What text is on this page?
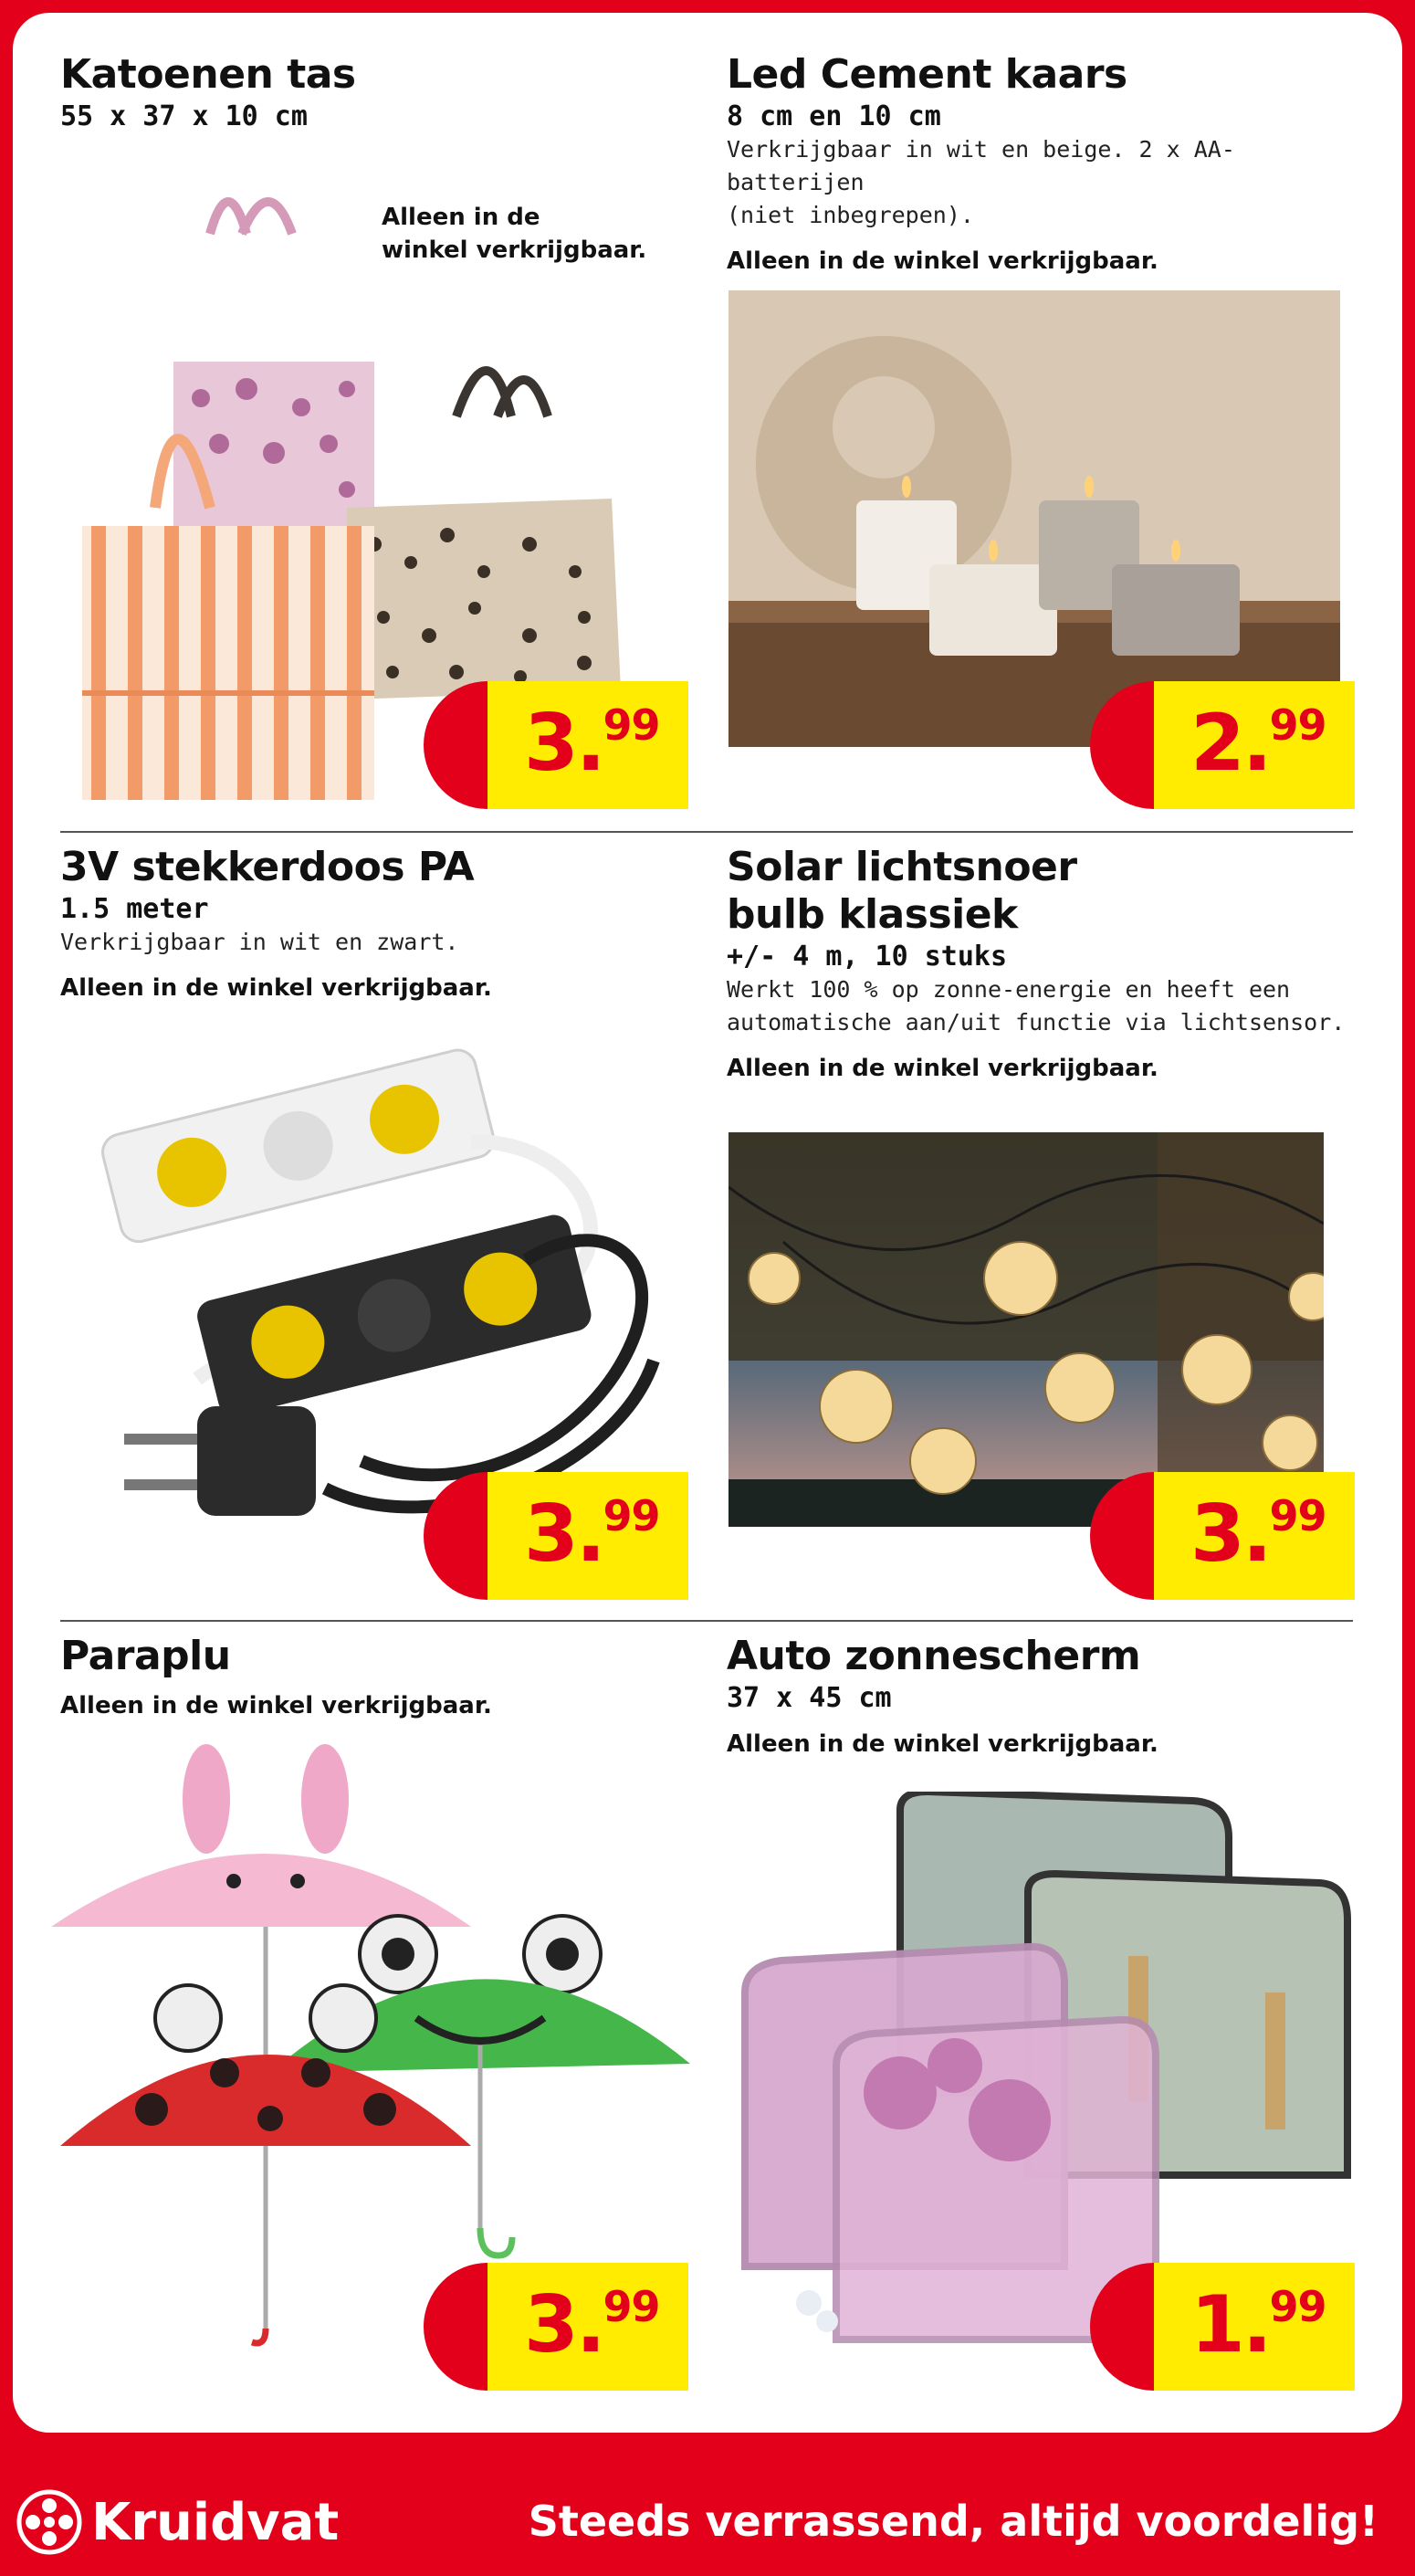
Katoenen tas
55 x 37 x 10 cm
Alleen in de
winkel verkrijgbaar.
3.99
Led Cement kaars
8 cm en 10 cm
Verkrijgbaar in wit en beige. 2 x AA-batterijen
(niet inbegrepen).
Alleen in de winkel verkrijgbaar.
2.99
3V stekkerdoos PA
1.5 meter
Verkrijgbaar in wit en zwart.
Alleen in de winkel verkrijgbaar.
3.99
Solar lichtsnoer
bulb klassiek
+/- 4 m, 10 stuks
Werkt 100 % op zonne-energie en heeft een
automatische aan/uit functie via lichtsensor.
Alleen in de winkel verkrijgbaar.
3.99
Paraplu
Alleen in de winkel verkrijgbaar.
3.99
Auto zonnescherm
37 x 45 cm
Alleen in de winkel verkrijgbaar.
1.99
Kruidvat	Steeds verrassend, altijd voordelig!
